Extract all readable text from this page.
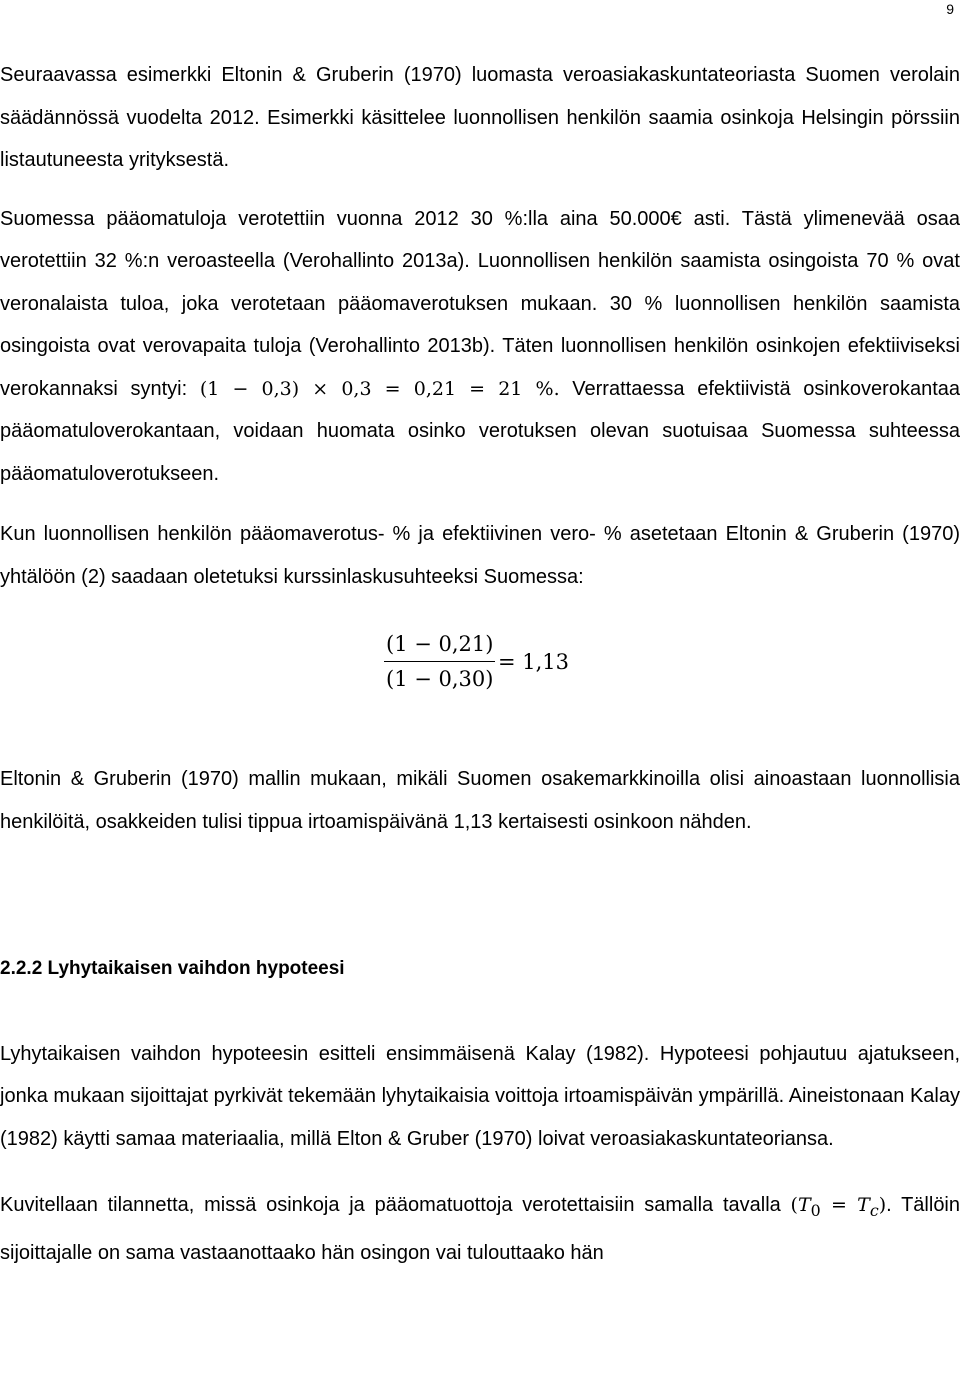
9

Seuraavassa esimerkki Eltonin & Gruberin (1970) luomasta veroasiakaskuntateoriasta Suomen verolain säädännössä vuodelta 2012. Esimerkki käsittelee luonnollisen henkilön saamia osinkoja Helsingin pörssiin listautuneesta yrityksestä.

Suomessa pääomatuloja verotettiin vuonna 2012 30 %:lla aina 50.000€ asti. Tästä ylimenevää osaa verotettiin 32 %:n veroasteella (Verohallinto 2013a). Luonnollisen henkilön saamista osingoista 70 % ovat veronalaista tuloa, joka verotetaan pääomaverotuksen mukaan. 30 % luonnollisen henkilön saamista osingoista ovat verovapaita tuloja (Verohallinto 2013b). Täten luonnollisen henkilön osinkojen efektiiviseksi verokannaksi syntyi: (1 − 0,3) × 0,3 = 0,21 = 21 %. Verrattaessa efektiivistä osinkoverokantaa pääomatuloverokantaan, voidaan huomata osinko verotuksen olevan suotuisaa Suomessa suhteessa pääomatuloverotukseen.

Kun luonnollisen henkilön pääomaverotus- % ja efektiivinen vero- % asetetaan Eltonin & Gruberin (1970) yhtälöön (2) saadaan oletetuksi kurssinlaskusuhteeksi Suomessa:

(1 − 0,21)
(1 − 0,30)
= 1,13

Eltonin & Gruberin (1970) mallin mukaan, mikäli Suomen osakemarkkinoilla olisi ainoastaan luonnollisia henkilöitä, osakkeiden tulisi tippua irtoamispäivänä 1,13 kertaisesti osinkoon nähden.

2.2.2 Lyhytaikaisen vaihdon hypoteesi

Lyhytaikaisen vaihdon hypoteesin esitteli ensimmäisenä Kalay (1982). Hypoteesi pohjautuu ajatukseen, jonka mukaan sijoittajat pyrkivät tekemään lyhytaikaisia voittoja irtoamispäivän ympärillä. Aineistonaan Kalay (1982) käytti samaa materiaalia, millä Elton & Gruber (1970) loivat veroasiakaskuntateoriansa.

Kuvitellaan tilannetta, missä osinkoja ja pääomatuottoja verotettaisiin samalla tavalla $(T_0 = T_c)$. Tällöin sijoittajalle on sama vastaanottaako hän osingon vai tulouttaako hän
